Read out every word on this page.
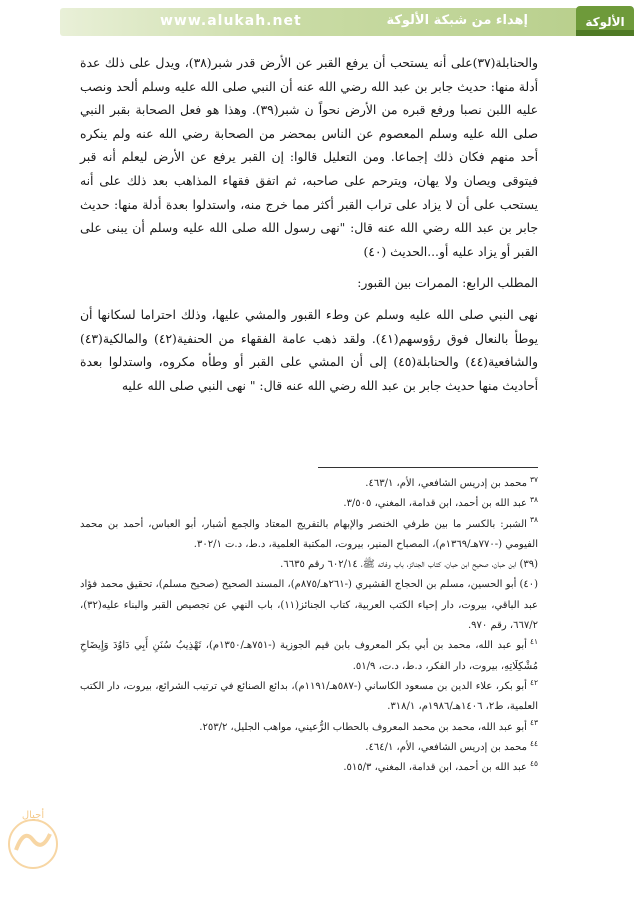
www.alukah.net	إهداء من شبكة الألوكة	الألوكة

والحنابلة(٣٧)على أنه يستحب أن يرفع القبر عن الأرض قدر شبر(٣٨)، ويدل على ذلك عدة أدلة منها: حديث جابر بن عبد الله رضي الله عنه أن النبي صلى الله عليه وسلم ألحد ونصب عليه اللبن نصبا ورفع قبره من الأرض نحواً ن شبر(٣٩). وهذا هو فعل الصحابة بقبر النبي صلى الله عليه وسلم المعصوم عن الناس بمحضر من الصحابة رضي الله عنه ولم ينكره أحد منهم فكان ذلك إجماعا. ومن التعليل قالوا: إن القبر يرفع عن الأرض ليعلم أنه قبر فيتوقى ويصان ولا يهان، ويترحم على صاحبه، ثم اتفق فقهاء المذاهب بعد ذلك على أنه يستحب على أن لا يزاد على تراب القبر أكثر مما خرج منه، واستدلوا بعدة أدلة منها: حديث جابر بن عبد الله رضي الله عنه قال: "نهى رسول الله صلى الله عليه وسلم أن يبنى على القبر أو يزاد عليه أو...الحديث (٤٠)

المطلب الرابع: الممرات بين القبور:

نهى النبي صلى الله عليه وسلم عن وطء القبور والمشي عليها، وذلك احتراما لسكانها أن يوطأ بالنعال فوق رؤوسهم(٤١). ولقد ذهب عامة الفقهاء من الحنفية(٤٢) والمالكية(٤٣) والشافعية(٤٤) والحنابلة(٤٥) إلى أن المشي على القبر أو وطأه مكروه، واستدلوا بعدة أحاديث منها حديث جابر بن عبد الله رضي الله عنه قال: " نهى النبي صلى الله عليه

$^{٣٧}$محمد بن إدريس الشافعي، الأم، ٤٦٣/١.

$^{٣٨}$عبد الله بن أحمد، ابن قدامة، المغني، ٣/٥٠٥.

$^{٣٨}$الشبر: بالكسر ما بين طرفي الخنصر والإبهام بالتفريج المعتاد والجمع أشبار، أبو العباس، أحمد بن محمد الفيومي (-٧٧٠هـ/١٣٦٩م)، المصباح المنير، بيروت، المكتبة العلمية، د.ط، د.ت ٣٠٢/١.

(٣٩)ابن حبان، صحيح ابن حبان، كتاب الجنائز، باب وفاته ﷺ، ٦٠٢/١٤ رقم ٦٦٣٥.

(٤٠)أبو الحسين، مسلم بن الحجاج القشيري (-٢٦١هـ/٨٧٥م)، المسند الصحيح (صحيح مسلم)، تحقيق محمد فؤاد عبد الباقي، بيروت، دار إحياء الكتب العربية، كتاب الجنائز(١١)، باب النهي عن تجصيص القبر والبناء عليه(٣٢)، ٦٦٧/٢، رقم ٩٧٠.

$^{٤١}$أبو عبد الله، محمد بن أبي بكر المعروف بابن قيم الجوزية (-٧٥١هـ/١٣٥٠م)، تَهْذِيبُ سُنَنِ أَبِي دَاوُدَ وَإِيضَاحِ مُشْكِلَاتِهِ، بيروت، دار الفكر، د.ط، د.ت، ٥١/٩.

$^{٤٢}$أبو بكر، علاء الدين بن مسعود الكاساني (-٥٨٧هـ/١١٩١م)، بدائع الصنائع في ترتيب الشرائع، بيروت، دار الكتب العلمية، ط٢، ١٤٠٦هـ/١٩٨٦م، ٣١٨/١.

$^{٤٣}$أبو عبد الله، محمد بن محمد المعروف بالحطاب الرُّعيني، مواهب الجليل، ٢٥٣/٢.

$^{٤٤}$محمد بن إدريس الشافعي، الأم، ٤٦٤/١.

$^{٤٥}$عبد الله بن أحمد، ابن قدامة، المغني، ٥١٥/٣.

أجيال
